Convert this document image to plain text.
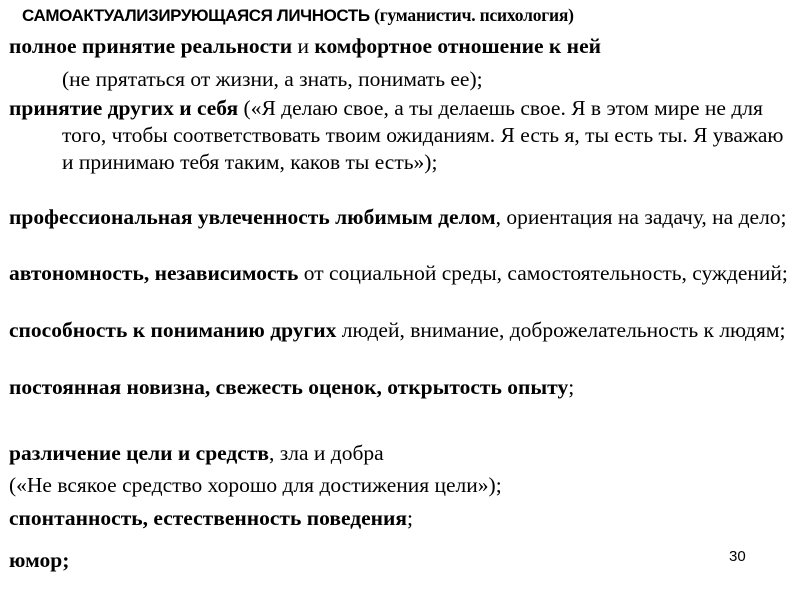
САМОАКТУАЛИЗИРУЮЩАЯСЯ ЛИЧНОСТЬ (гуманистич. психология)
полное принятие реальности и комфортное отношение к ней
(не прятаться от жизни, а знать, понимать ее);
принятие других и себя («Я делаю свое, а ты делаешь свое. Я в этом мире не для того, чтобы соответствовать твоим ожиданиям. Я есть я, ты есть ты. Я уважаю и принимаю тебя таким, каков ты есть»);
профессиональная увлеченность любимым делом, ориентация на задачу, на дело;
автономность, независимость от социальной среды, самостоятельность, суждений;
способность к пониманию других людей, внимание, доброжелательность к людям;
постоянная новизна, свежесть оценок, открытость опыту;
различение цели и средств, зла и добра
(«Не всякое средство хорошо для достижения цели»);
спонтанность, естественность поведения;
юмор;	30
